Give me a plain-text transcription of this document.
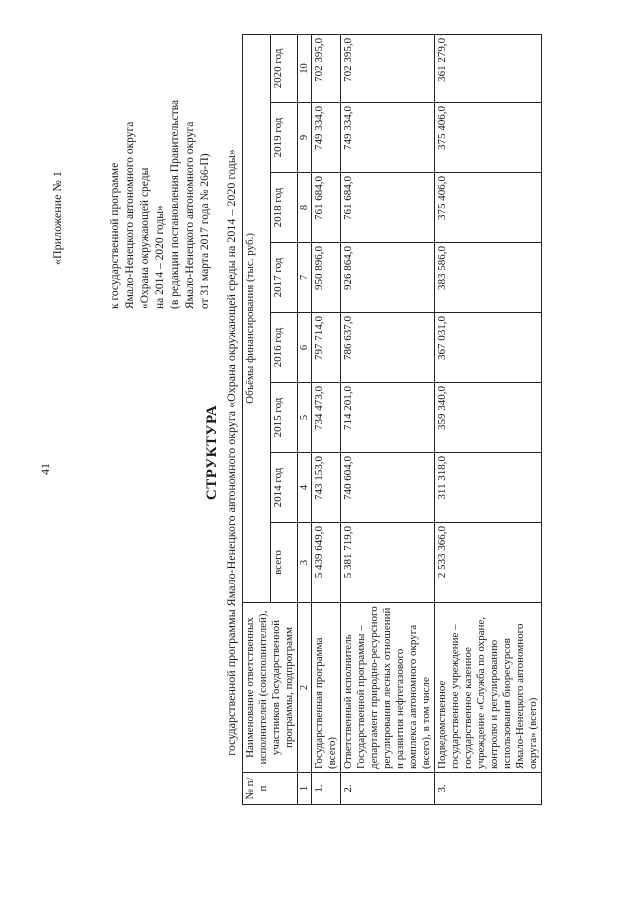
41
«Приложение № 1	к государственной программе Ямало-Ненецкого автономного округа «Охрана окружающей среды на 2014 – 2020 годы» (в редакции постановления Правительства Ямало-Ненецкого автономного округа от 31 марта 2017 года № 266-П)
СТРУКТУРА государственной программы Ямало-Ненецкого автономного округа «Охрана окружающей среды на 2014 – 2020 годы»
№ п/п	Наименование ответственных исполнителей (соисполнителей), участников Государственной программы, подпрограмм	Объёмы финансирования (тыс. руб.)							
		всего	2014 год	2015 год	2016 год	2017 год	2018 год	2019 год	2020 год
1	2	3	4	5	6	7	8	9	10
1.	Государственная программа (всего)	5 439 649,0	743 153,0	734 473,0	797 714,0	950 896,0	761 684,0	749 334,0	702 395,0
2.	Ответственный исполнитель Государственной программы – департамент природно-ресурсного регулирования лесных отношений и развития нефтегазового комплекса автономного округа (всего), в том числе	5 381 719,0	740 604,0	714 201,0	786 637,0	926 864,0	761 684,0	749 334,0	702 395,0
3.	Подведомственное государственное учреждение – государственное казенное учреждение «Служба по охране, контролю и регулированию использования биоресурсов Ямало-Ненецкого автономного округа» (всего)	2 533 366,0	311 318,0	359 340,0	367 031,0	383 586,0	375 406,0	375 406,0	361 279,0
